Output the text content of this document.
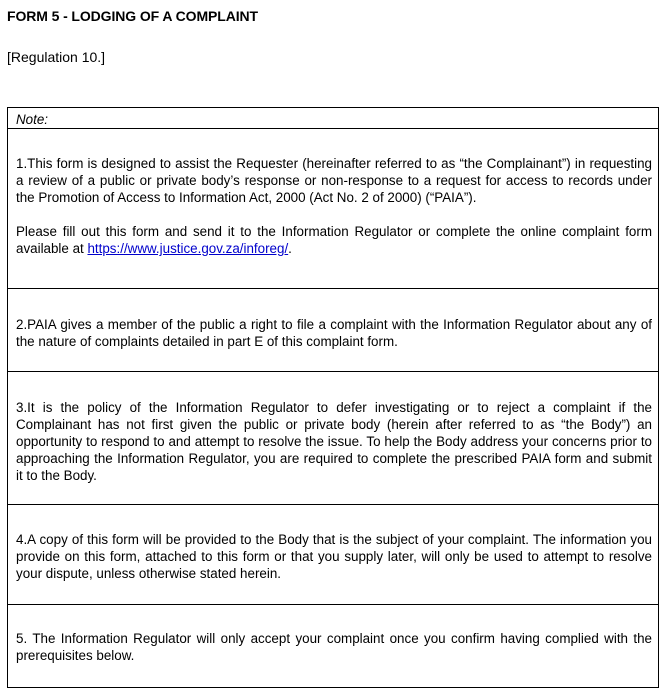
FORM 5 - LODGING OF A COMPLAINT
[Regulation 10.]
Note:

1.This form is designed to assist the Requester (hereinafter referred to as “the Complainant”) in requesting a review of a public or private body’s response or non-response to a request for access to records under the Promotion of Access to Information Act, 2000 (Act No. 2 of 2000) (“PAIA”).

Please fill out this form and send it to the Information Regulator or complete the online complaint form available at https://www.justice.gov.za/inforeg/.

2.PAIA gives a member of the public a right to file a complaint with the Information Regulator about any of the nature of complaints detailed in part E of this complaint form.

3.It is the policy of the Information Regulator to defer investigating or to reject a complaint if the Complainant has not first given the public or private body (herein after referred to as “the Body”) an opportunity to respond to and attempt to resolve the issue. To help the Body address your concerns prior to approaching the Information Regulator, you are required to complete the prescribed PAIA form and submit it to the Body.

4.A copy of this form will be provided to the Body that is the subject of your complaint. The information you provide on this form, attached to this form or that you supply later, will only be used to attempt to resolve your dispute, unless otherwise stated herein.

5. The Information Regulator will only accept your complaint once you confirm having complied with the prerequisites below.
